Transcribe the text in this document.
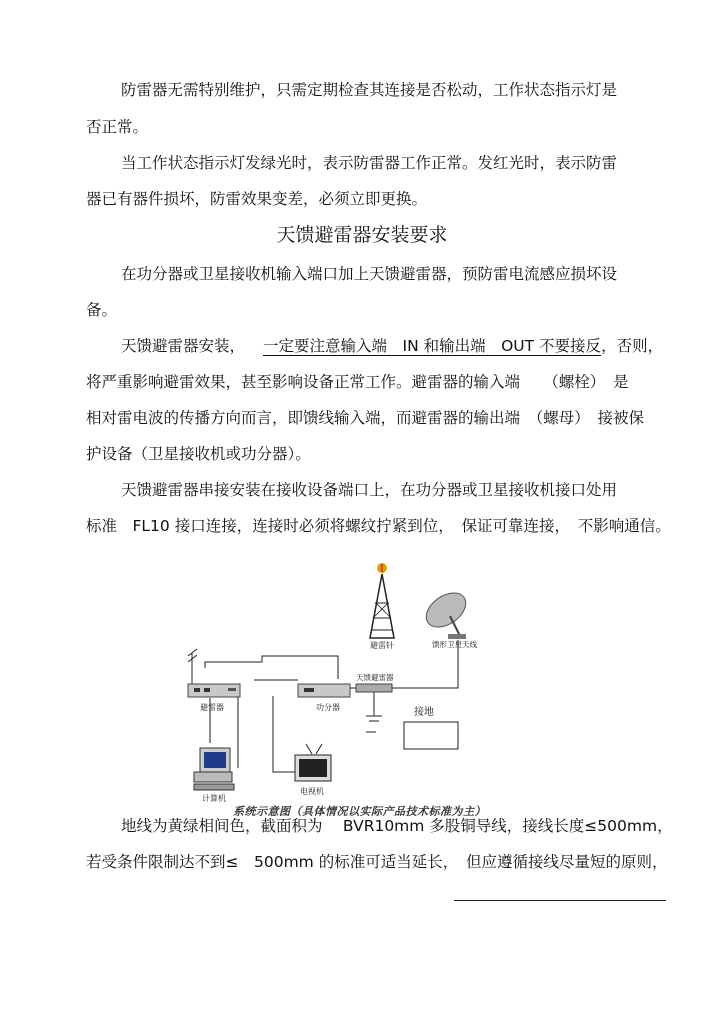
防雷器无需特别维护，只需定期检查其连接是否松动，工作状态指示灯是

否正常。

当工作状态指示灯发绿光时，表示防雷器工作正常。发红光时，表示防雷

器已有器件损坏，防雷效果变差，必须立即更换。

天馈避雷器安装要求

在功分器或卫星接收机输入端口加上天馈避雷器，预防雷电流感应损坏设

备。

天馈避雷器安装， 一定要注意输入端　IN 和输出端　OUT 不要接反，否则，

将严重影响避雷效果，甚至影响设备正常工作。避雷器的输入端　　（螺栓）　是

相对雷电波的传播方向而言，即馈线输入端，而避雷器的输出端　（螺母）　接被保

护设备（卫星接收机或功分器）。

天馈避雷器串接安装在接收设备端口上，在功分器或卫星接收机接口处用

标准　FL10 接口连接，连接时必须将螺纹拧紧到位，　保证可靠连接，　不影响通信。

避雷针	馈形卫星天线
避雷器	功分器
天馈避雷器
接地
计算机
电视机
系统示意图（具体情况以实际产品技术标准为主）

地线为黄绿相间色，截面积为　 BVR10mm 多股铜导线，接线长度≤500mm，

若受条件限制达不到≤　500mm 的标准可适当延长，　但应遵循接线尽量短的原则，
